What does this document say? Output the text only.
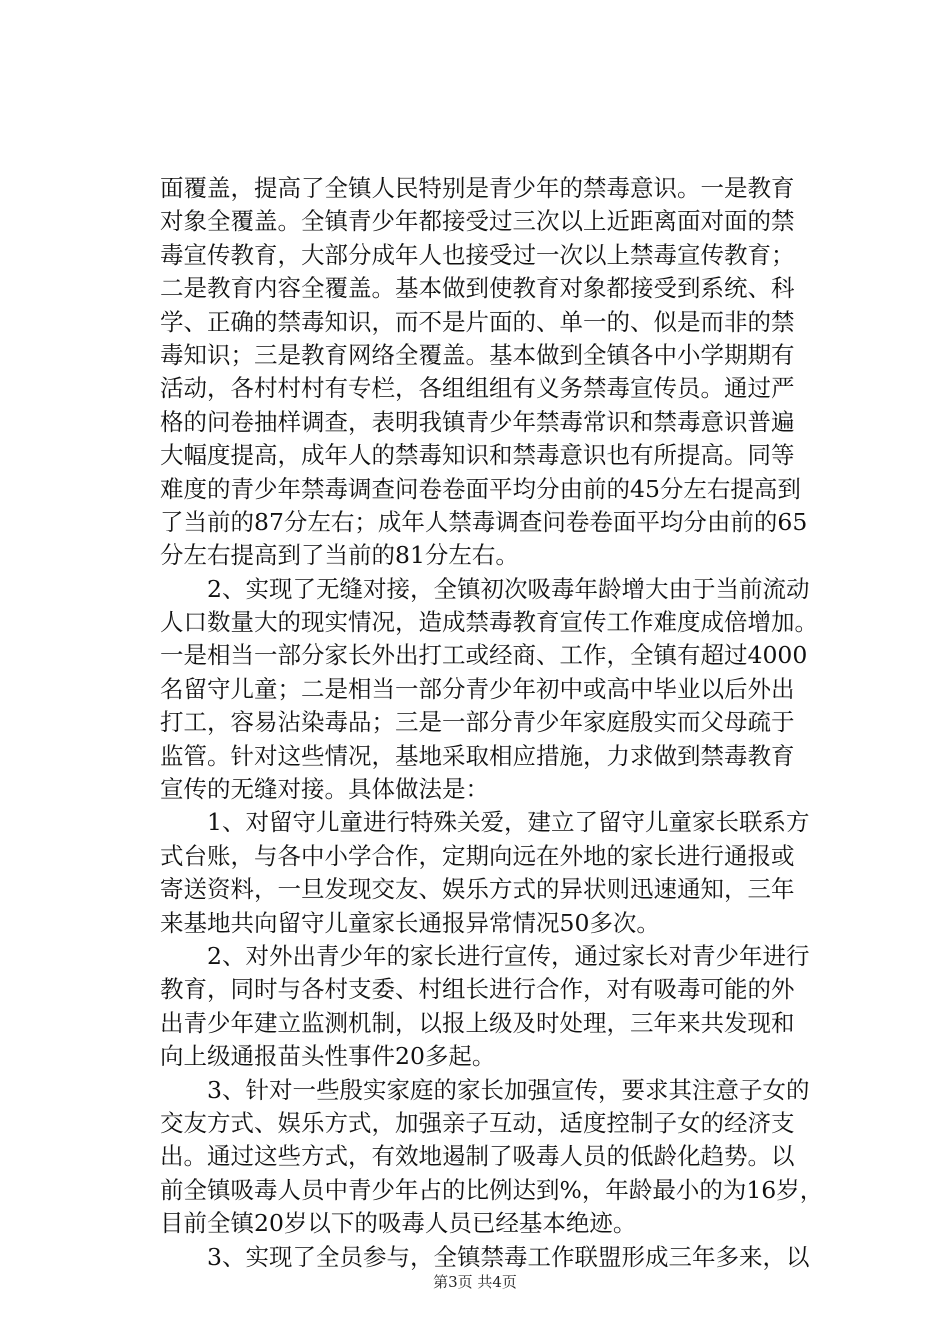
面覆盖，提高了全镇人民特别是青少年的禁毒意识。一是教育
对象全覆盖。全镇青少年都接受过三次以上近距离面对面的禁
毒宣传教育，大部分成年人也接受过一次以上禁毒宣传教育；
二是教育内容全覆盖。基本做到使教育对象都接受到系统、科
学、正确的禁毒知识，而不是片面的、单一的、似是而非的禁
毒知识；三是教育网络全覆盖。基本做到全镇各中小学期期有
活动，各村村村有专栏，各组组组有义务禁毒宣传员。通过严
格的问卷抽样调查，表明我镇青少年禁毒常识和禁毒意识普遍
大幅度提高，成年人的禁毒知识和禁毒意识也有所提高。同等
难度的青少年禁毒调查问卷卷面平均分由前的45分左右提高到
了当前的87分左右；成年人禁毒调查问卷卷面平均分由前的65
分左右提高到了当前的81分左右。
　　2、实现了无缝对接，全镇初次吸毒年龄增大由于当前流动
人口数量大的现实情况，造成禁毒教育宣传工作难度成倍增加。
一是相当一部分家长外出打工或经商、工作，全镇有超过4000
名留守儿童；二是相当一部分青少年初中或高中毕业以后外出
打工，容易沾染毒品；三是一部分青少年家庭殷实而父母疏于
监管。针对这些情况，基地采取相应措施，力求做到禁毒教育
宣传的无缝对接。具体做法是：
　　1、对留守儿童进行特殊关爱，建立了留守儿童家长联系方
式台账，与各中小学合作，定期向远在外地的家长进行通报或
寄送资料，一旦发现交友、娱乐方式的异状则迅速通知，三年
来基地共向留守儿童家长通报异常情况50多次。
　　2、对外出青少年的家长进行宣传，通过家长对青少年进行
教育，同时与各村支委、村组长进行合作，对有吸毒可能的外
出青少年建立监测机制，以报上级及时处理，三年来共发现和
向上级通报苗头性事件20多起。
　　3、针对一些殷实家庭的家长加强宣传，要求其注意子女的
交友方式、娱乐方式，加强亲子互动，适度控制子女的经济支
出。通过这些方式，有效地遏制了吸毒人员的低龄化趋势。以
前全镇吸毒人员中青少年占的比例达到%，年龄最小的为16岁，
目前全镇20岁以下的吸毒人员已经基本绝迹。
　　3、实现了全员参与，全镇禁毒工作联盟形成三年多来，以
第3页 共4页
